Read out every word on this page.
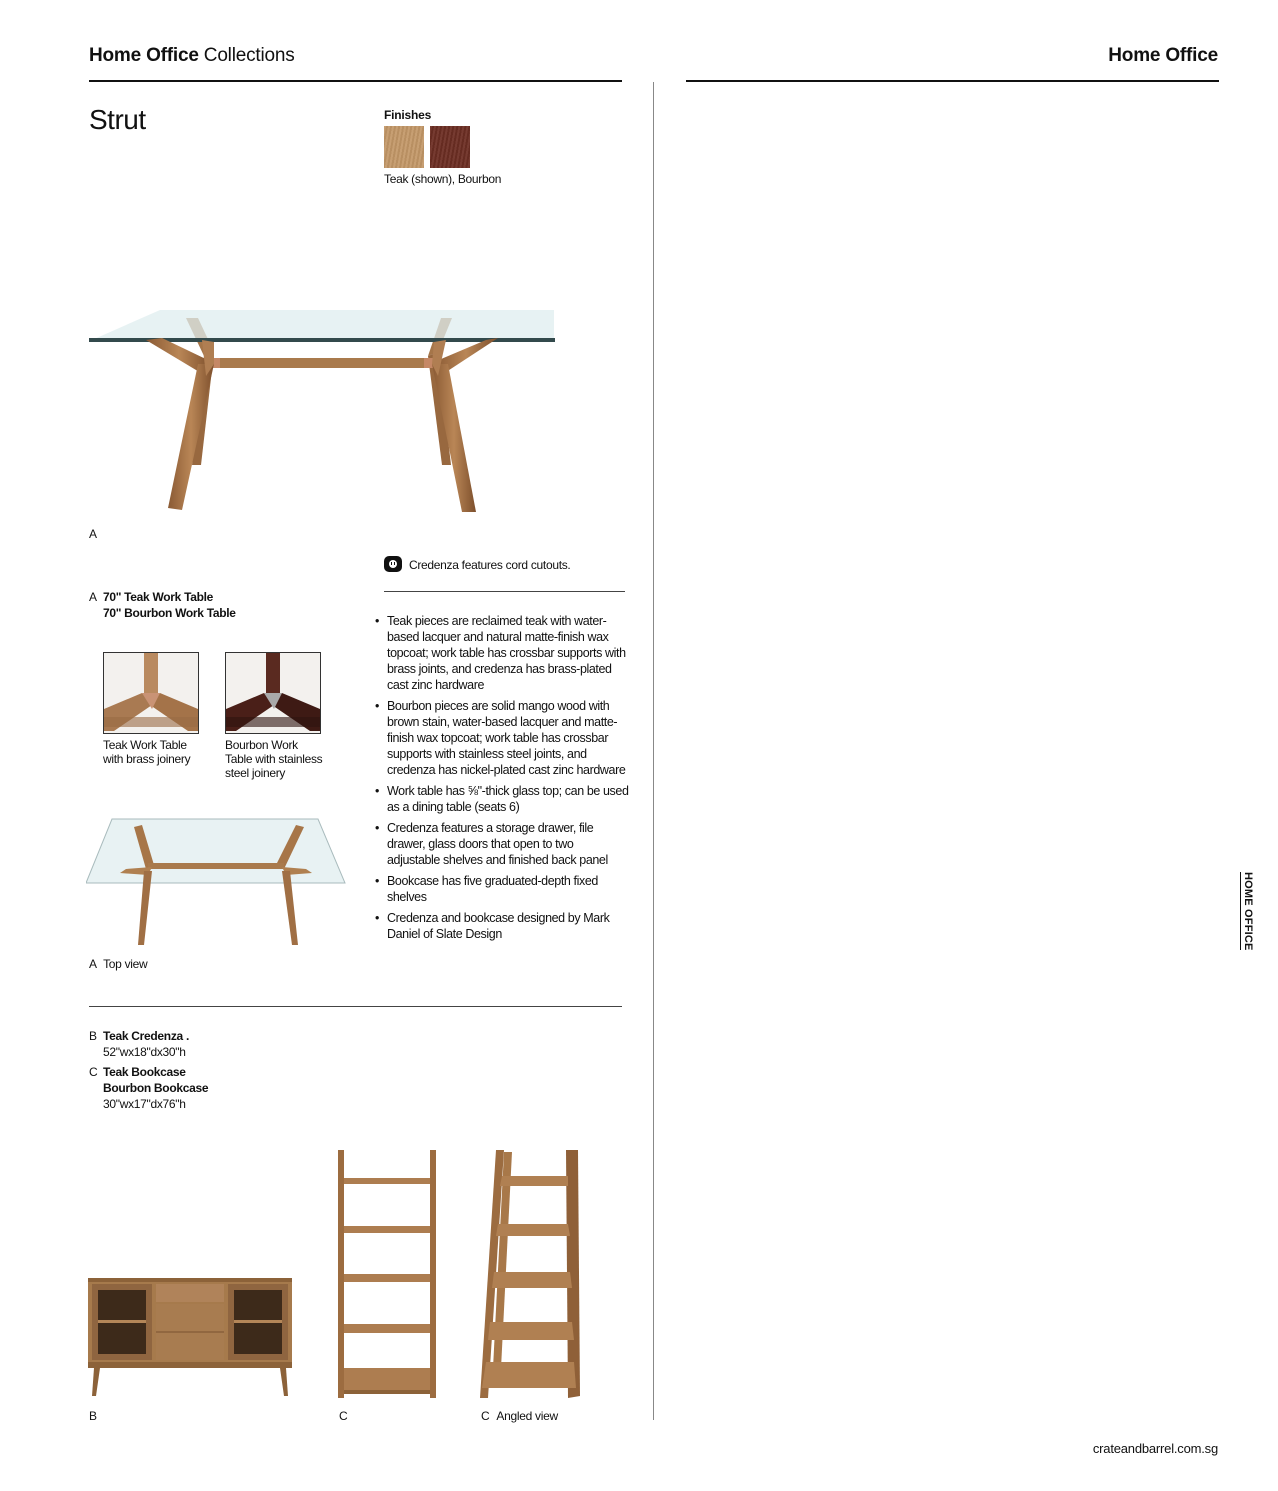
Home Office Collections	Home Office
Strut	Finishes
Teak (shown), Bourbon
A
Credenza features cord cutouts.
A 70" Teak Work Table
70" Bourbon Work Table
Teak Work Table
with brass joinery
Bourbon Work
Table with stainless
steel joinery
A Top view
• Teak pieces are reclaimed teak with water-based lacquer and natural matte-finish wax topcoat; work table has crossbar supports with brass joints, and credenza has brass-plated cast zinc hardware
• Bourbon pieces are solid mango wood with brown stain, water-based lacquer and matte-finish wax topcoat; work table has crossbar supports with stainless steel joints, and credenza has nickel-plated cast zinc hardware
• Work table has ⅝"-thick glass top; can be used as a dining table (seats 6)
• Credenza features a storage drawer, file drawer, glass doors that open to two adjustable shelves and finished back panel
• Bookcase has five graduated-depth fixed shelves
• Credenza and bookcase designed by Mark Daniel of Slate Design
B Teak Credenza .
52"wx18"dx30"h
C Teak Bookcase
Bourbon Bookcase
30"wx17"dx76"h
B	C	C Angled view
HOME OFFICE
crateandbarrel.com.sg
